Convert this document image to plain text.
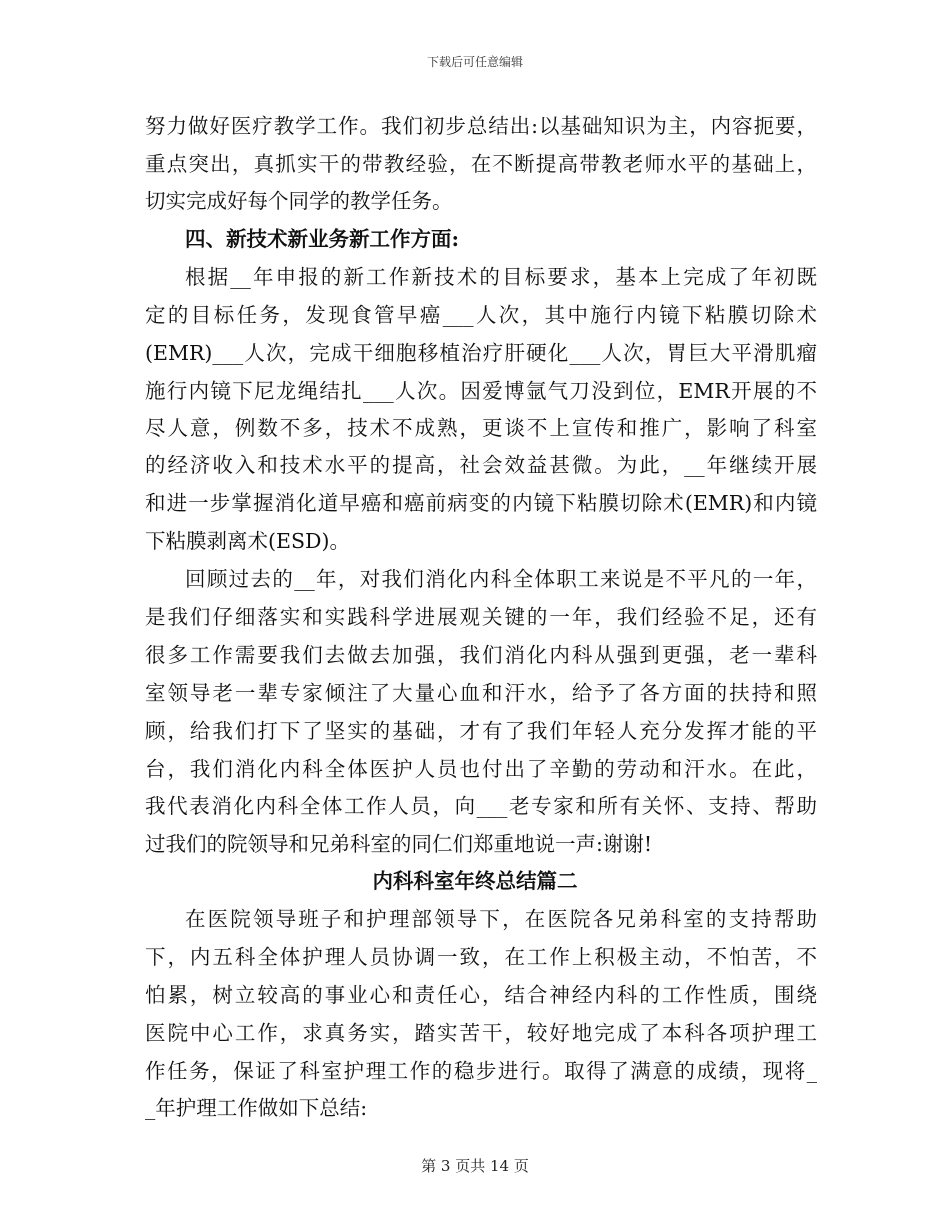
下载后可任意编辑
努力做好医疗教学工作。我们初步总结出:以基础知识为主，内容扼要，
重点突出，真抓实干的带教经验，在不断提高带教老师水平的基础上，
切实完成好每个同学的教学任务。
四、新技术新业务新工作方面:
根据__年申报的新工作新技术的目标要求，基本上完成了年初既
定的目标任务，发现食管早癌___人次，其中施行内镜下粘膜切除术
(EMR)___人次，完成干细胞移植治疗肝硬化___人次，胃巨大平滑肌瘤
施行内镜下尼龙绳结扎___人次。因爱博氩气刀没到位，EMR开展的不
尽人意，例数不多，技术不成熟，更谈不上宣传和推广，影响了科室
的经济收入和技术水平的提高，社会效益甚微。为此，__年继续开展
和进一步掌握消化道早癌和癌前病变的内镜下粘膜切除术(EMR)和内镜
下粘膜剥离术(ESD)。
回顾过去的__年，对我们消化内科全体职工来说是不平凡的一年，
是我们仔细落实和实践科学进展观关键的一年，我们经验不足，还有
很多工作需要我们去做去加强，我们消化内科从强到更强，老一辈科
室领导老一辈专家倾注了大量心血和汗水，给予了各方面的扶持和照
顾，给我们打下了坚实的基础，才有了我们年轻人充分发挥才能的平
台，我们消化内科全体医护人员也付出了辛勤的劳动和汗水。在此，
我代表消化内科全体工作人员，向___老专家和所有关怀、支持、帮助
过我们的院领导和兄弟科室的同仁们郑重地说一声:谢谢!
内科科室年终总结篇二
在医院领导班子和护理部领导下，在医院各兄弟科室的支持帮助
下，内五科全体护理人员协调一致，在工作上积极主动，不怕苦，不
怕累，树立较高的事业心和责任心，结合神经内科的工作性质，围绕
医院中心工作，求真务实，踏实苦干，较好地完成了本科各项护理工
作任务，保证了科室护理工作的稳步进行。取得了满意的成绩，现将_
_年护理工作做如下总结:
第 3 页共 14 页
